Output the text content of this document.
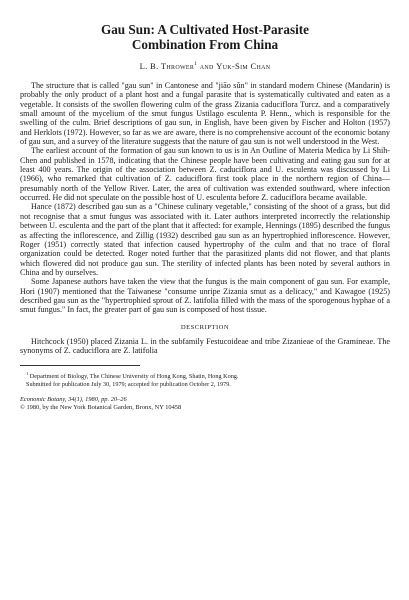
Gau Sun: A Cultivated Host-Parasite
Combination From China
L. B. Thrower$^1$ and Yuk-Sim Chan

The structure that is called "gau sun" in Cantonese and "jiāo sǔn" in standard modern Chinese (Mandarin) is probably the only product of a plant host and a fungal parasite that is systematically cultivated and eaten as a vegetable. It consists of the swollen flowering culm of the grass Zizania caduciflora Turcz. and a comparatively small amount of the mycelium of the smut fungus Ustilago esculenta P. Henn., which is responsible for the swelling of the culm. Brief descriptions of gau sun, in English, have been given by Fischer and Holton (1957) and Herklots (1972). However, so far as we are aware, there is no comprehensive account of the economic botany of gau sun, and a survey of the literature suggests that the nature of gau sun is not well understood in the West.

The earliest account of the formation of gau sun known to us is in An Outline of Materia Medica by Li Shih-Chen and published in 1578, indicating that the Chinese people have been cultivating and eating gau sun for at least 400 years. The origin of the association between Z. caduciflora and U. esculenta was discussed by Li (1966), who remarked that cultivation of Z. caduciflora first took place in the northern region of China—presumably north of the Yellow River. Later, the area of cultivation was extended southward, where infection occurred. He did not speculate on the possible host of U. esculenta before Z. caduciflora became available.

Hance (1872) described gau sun as a "Chinese culinary vegetable," consisting of the shoot of a grass, but did not recognise that a smut fungus was associated with it. Later authors interpreted incorrectly the relationship between U. esculenta and the part of the plant that it affected: for example, Hennings (1895) described the fungus as affecting the inflorescence, and Zillig (1932) described gau sun as an hypertrophied inflorescence. However, Roger (1951) correctly stated that infection caused hypertrophy of the culm and that no trace of floral organization could be detected. Roger noted further that the parasitized plants did not flower, and that plants which flowered did not produce gau sun. The sterility of infected plants has been noted by several authors in China and by ourselves.

Some Japanese authors have taken the view that the fungus is the main component of gau sun. For example, Hori (1907) mentioned that the Taiwanese "consume unripe Zizania smut as a delicacy," and Kawagoe (1925) described gau sun as the "hypertrophied sprout of Z. latifolia filled with the mass of the sporogenous hyphae of a smut fungus." In fact, the greater part of gau sun is composed of host tissue.

DESCRIPTION

Hitchcock (1950) placed Zizania L. in the subfamily Festucoideae and tribe Zizanieae of the Gramineae. The synonyms of Z. caduciflora are Z. latifolia

$^1$ Department of Biology, The Chinese University of Hong Kong, Shatin, Hong Kong.

Submitted for publication July 30, 1979; accepted for publication October 2, 1979.

Economic Botany, 34(1), 1980, pp. 20–26

© 1980, by the New York Botanical Garden, Bronx, NY 10458
